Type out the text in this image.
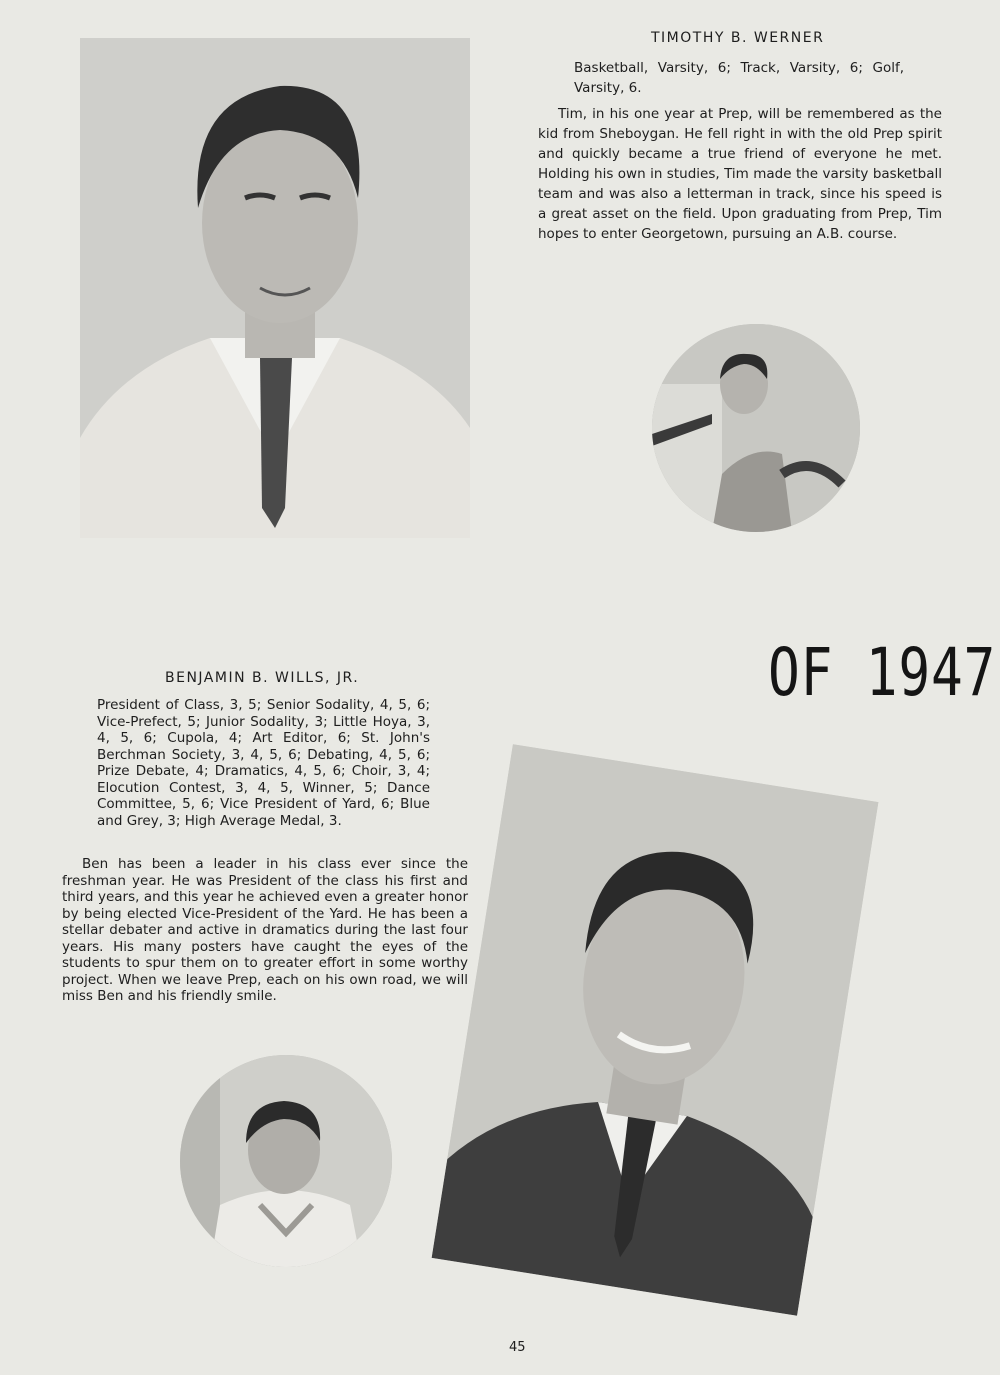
TIMOTHY B. WERNER

Basketball, Varsity, 6; Track, Varsity, 6; Golf, Varsity, 6.

Tim, in his one year at Prep, will be remembered as the kid from Sheboygan. He fell right in with the old Prep spirit and quickly became a true friend of everyone he met. Holding his own in studies, Tim made the varsity basketball team and was also a letterman in track, since his speed is a great asset on the field. Upon graduating from Prep, Tim hopes to enter Georgetown, pursuing an A.B. course.

BENJAMIN B. WILLS, JR.

President of Class, 3, 5; Senior Sodality, 4, 5, 6; Vice-Prefect, 5; Junior Sodality, 3; Little Hoya, 3, 4, 5, 6; Cupola, 4; Art Editor, 6; St. John's Berchman Society, 3, 4, 5, 6; Debating, 4, 5, 6; Prize Debate, 4; Dramatics, 4, 5, 6; Choir, 3, 4; Elocution Contest, 3, 4, 5, Winner, 5; Dance Committee, 5, 6; Vice President of Yard, 6; Blue and Grey, 3; High Average Medal, 3.

Ben has been a leader in his class ever since the freshman year. He was President of the class his first and third years, and this year he achieved even a greater honor by being elected Vice-President of the Yard. He has been a stellar debater and active in dramatics during the last four years. His many posters have caught the eyes of the students to spur them on to greater effort in some worthy project. When we leave Prep, each on his own road, we will miss Ben and his friendly smile.

OF 1947
45
